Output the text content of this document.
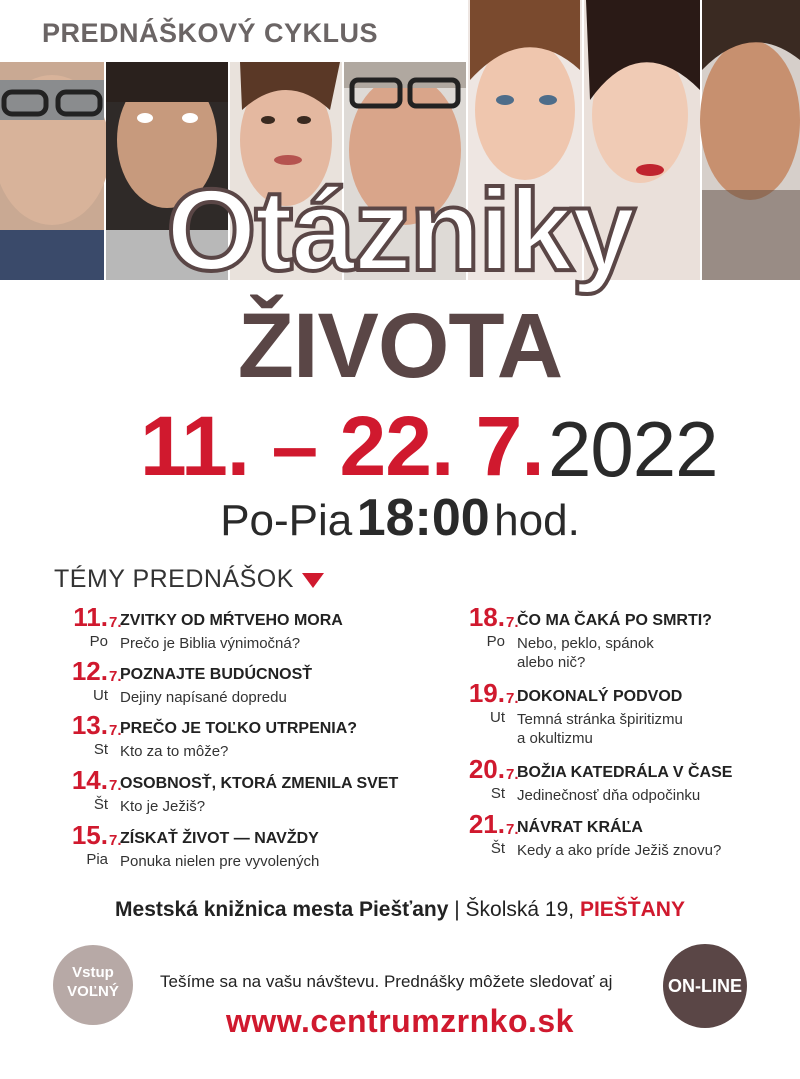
PREDNÁŠKOVÝ CYKLUS
Otázniky
ŽIVOTA
11. – 22. 7. 2022
Po-Pia 18:00 hod.
TÉMY PREDNÁŠOK
11. 7.
Po
ZVITKY OD MŔTVEHO MORA
Prečo je Biblia výnimočná?
12. 7.
Ut
POZNAJTE BUDÚCNOSŤ
Dejiny napísané dopredu
13. 7.
St
PREČO JE TOĽKO UTRPENIA?
Kto za to môže?
14. 7.
Št
OSOBNOSŤ, KTORÁ ZMENILA SVET
Kto je Ježiš?
15. 7.
Pia
ZÍSKAŤ ŽIVOT — NAVŽDY
Ponuka nielen pre vyvolených
18. 7.
Po
ČO MA ČAKÁ PO SMRTI?
Nebo, peklo, spánok
alebo nič?
19. 7.
Ut
DOKONALÝ PODVOD
Temná stránka špiritizmu
a okultizmu
20. 7.
St
BOŽIA KATEDRÁLA V ČASE
Jedinečnosť dňa odpočinku
21. 7.
Št
NÁVRAT KRÁĽA
Kedy a ako príde Ježiš znovu?
Mestská knižnica mesta Piešťany | Školská 19, PIEŠŤANY
Vstup
VOĽNÝ
Tešíme sa na vašu návštevu. Prednášky môžete sledovať aj	ON-LINE
www.centrumzrnko.sk
